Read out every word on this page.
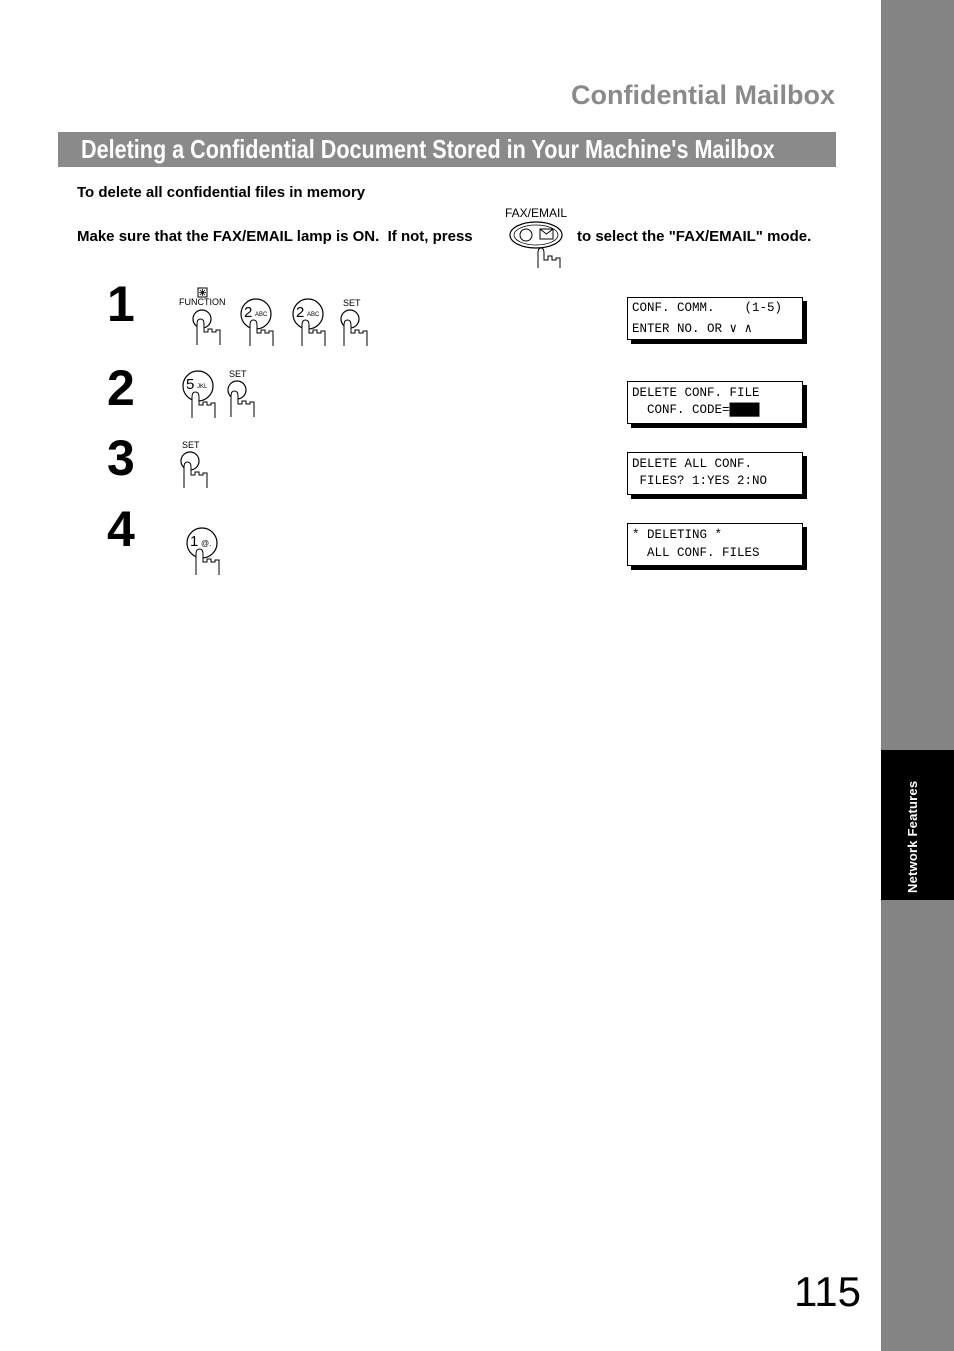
Network Features
Confidential Mailbox
Deleting a Confidential Document Stored in Your Machine's Mailbox
To delete all confidential files in memory
Make sure that the FAX/EMAIL lamp is ON.  If not, press
FAX/EMAIL
to select the "FAX/EMAIL" mode.
1	FUNCTION
2 ABC 2 ABC
SET	CONF. COMM.    (1-5)
ENTER NO. OR ∨ ∧
2	5 JKL
SET
DELETE CONF. FILE
CONF. CODE=████
3	SET
DELETE ALL CONF.
FILES? 1:YES 2:NO
4	1 @.
* DELETING *
ALL CONF. FILES
115
